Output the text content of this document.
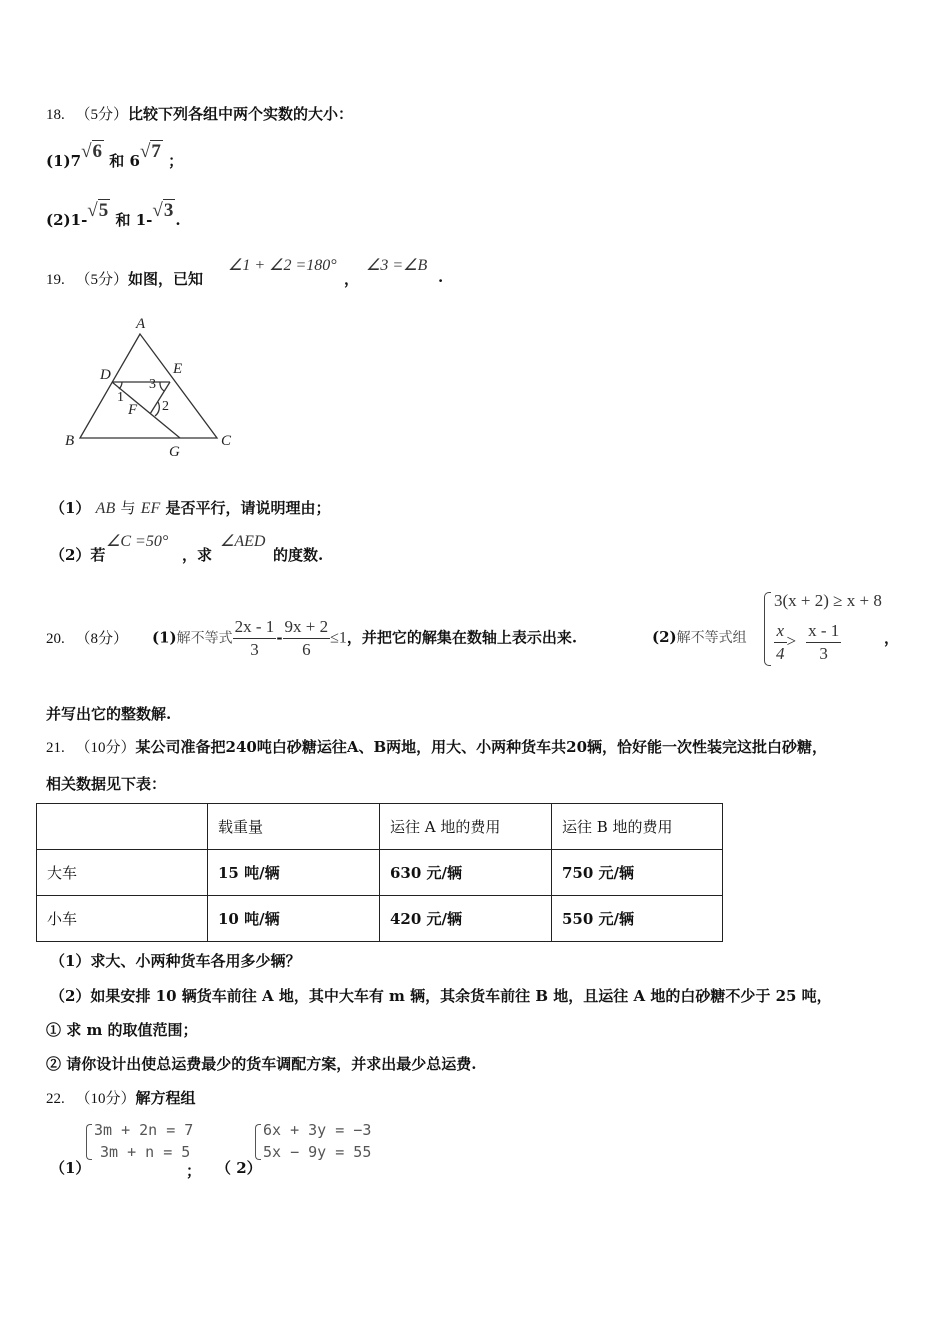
18. （5分）比较下列各组中两个实数的大小：
(1)7√6 和 6√7 ；
(2)1-√5 和 1-√3 .
19. （5分）如图，已知
∠1 + ∠2 =180°
，
∠3 =∠B
.
A
D	E
F
B
G
C
1
3
2
（1） AB 与 EF 是否平行，请说明理由；
（2）若
∠C =50°
，求
∠AED
的度数.
20. （8分） (1)解不等式 $\frac{2x - 1}{3} - \frac{9x + 2}{6} \le 1$，并把它的解集在数轴上表示出来.	(2)解不等式组
3(x + 2) ≥ x + 8
$\frac{x}{4} > \frac{x - 1}{3}$	，
并写出它的整数解.
21. （10分）某公司准备把240吨白砂糖运往A、B两地，用大、小两种货车共20辆，恰好能一次性装完这批白砂糖，
相关数据见下表：
	载重量	运往 A 地的费用	运往 B 地的费用
大车	15 吨/辆	630 元/辆	750 元/辆
小车	10 吨/辆	420 元/辆	550 元/辆
（1）求大、小两种货车各用多少辆？
（2）如果安排 10 辆货车前往 A 地，其中大车有 m 辆，其余货车前往 B 地，且运往 A 地的白砂糖不少于 25 吨，
① 求 m 的取值范围；
② 请你设计出使总运费最少的货车调配方案，并求出最少总运费.
22. （10分）解方程组
（1）
3m + 2n = 7
3m + n = 5
； （ 2）
6x + 3y = −3
5x − 9y = 55
